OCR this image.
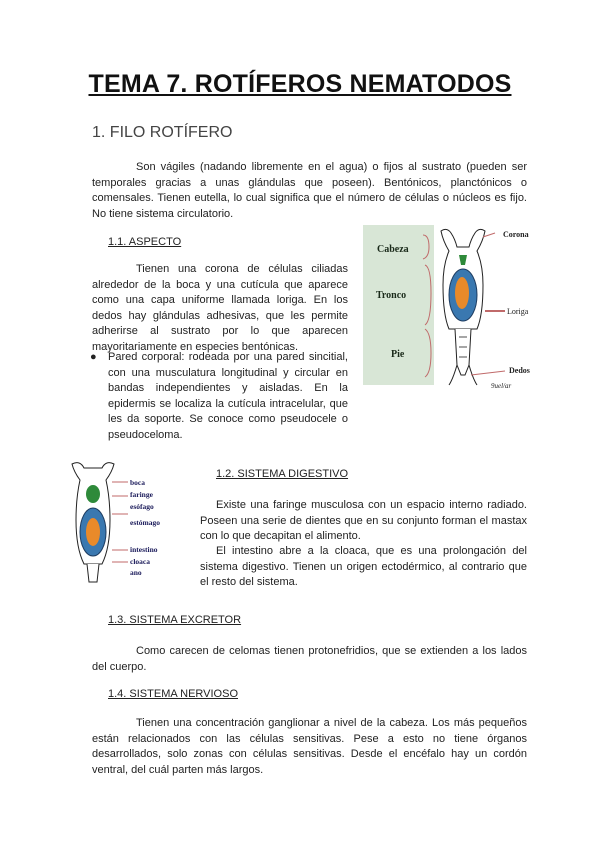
TEMA 7. ROTÍFEROS NEMATODOS
1. FILO ROTÍFERO
Son vágiles (nadando libremente en el agua) o fijos al sustrato (pueden ser temporales gracias a unas glándulas que poseen). Bentónicos, planctónicos o comensales. Tienen eutella, lo cual significa que el número de células o núcleos es fijo. No tiene sistema circulatorio.
1.1. ASPECTO
Tienen una corona de células ciliadas alrededor de la boca y una cutícula que aparece como una capa uniforme llamada loriga. En los dedos hay glándulas adhesivas, que les permite adherirse al sustrato por lo que aparecen mayoritariamente en especies bentónicas.
●	Pared corporal: rodeada por una pared sincitial, con una musculatura longitudinal y circular en bandas independientes y aisladas. En la epidermis se localiza la cutícula intracelular, que les da soporte. Se conoce como pseudocele o pseudoceloma.
Cabeza
Tronco
Pie
Corona
Loriga
Dedos
9uel/ar
boca
faringe
esófago
estómago
intestino
cloaca
ano
1.2. SISTEMA DIGESTIVO
Existe una faringe musculosa con un espacio interno radiado. Poseen una serie de dientes que en su conjunto forman el mastax con lo que decapitan el alimento.
El intestino abre a la cloaca, que es una prolongación del sistema digestivo. Tienen un origen ectodérmico, al contrario que el resto del sistema.
1.3. SISTEMA EXCRETOR
Como carecen de celomas tienen protonefridios, que se extienden a los lados del cuerpo.
1.4. SISTEMA NERVIOSO
Tienen una concentración ganglionar a nivel de la cabeza. Los más pequeños están relacionados con las células sensitivas. Pese a esto no tiene órganos desarrollados, solo zonas con células sensitivas. Desde el encéfalo hay un cordón ventral, del cuál parten más largos.
